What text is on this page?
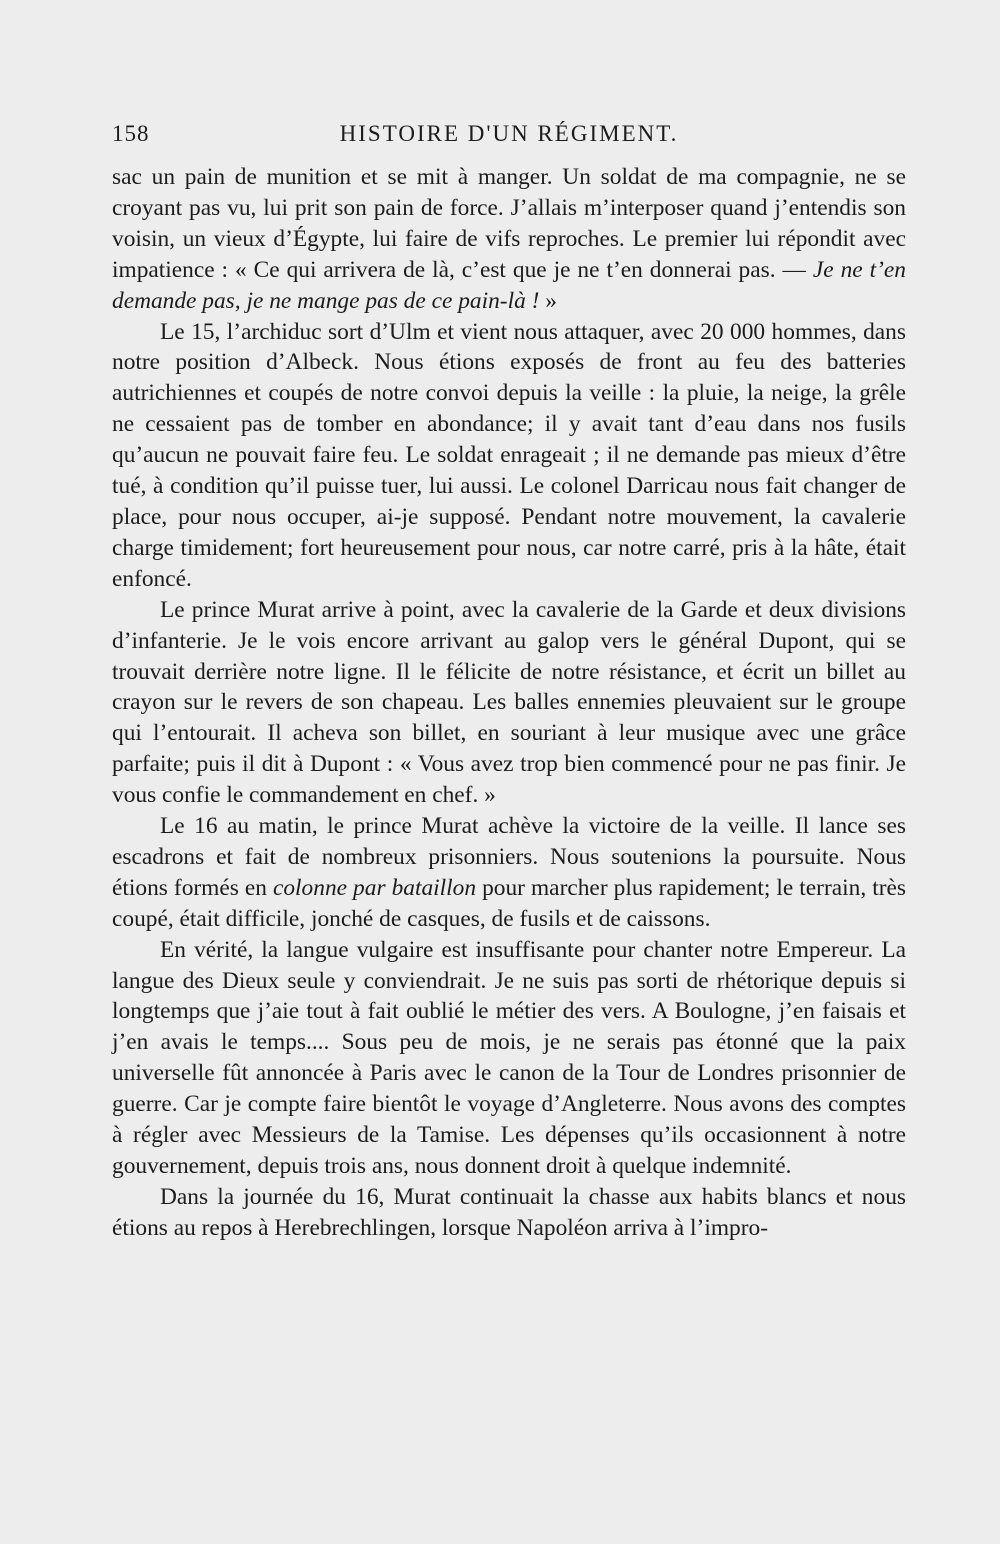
158	HISTOIRE D'UN RÉGIMENT.

sac un pain de munition et se mit à manger. Un soldat de ma compagnie, ne se croyant pas vu, lui prit son pain de force. J’allais m’interposer quand j’entendis son voisin, un vieux d’Égypte, lui faire de vifs reproches. Le premier lui répondit avec impatience : « Ce qui arrivera de là, c’est que je ne t’en donnerai pas. — Je ne t’en demande pas, je ne mange pas de ce pain-là ! »

Le 15, l’archiduc sort d’Ulm et vient nous attaquer, avec 20 000 hommes, dans notre position d’Albeck. Nous étions exposés de front au feu des batteries autrichiennes et coupés de notre convoi depuis la veille : la pluie, la neige, la grêle ne cessaient pas de tomber en abondance; il y avait tant d’eau dans nos fusils qu’aucun ne pouvait faire feu. Le soldat enrageait ; il ne demande pas mieux d’être tué, à condition qu’il puisse tuer, lui aussi. Le colonel Darricau nous fait changer de place, pour nous occuper, ai-je supposé. Pendant notre mouvement, la cavalerie charge timidement; fort heureusement pour nous, car notre carré, pris à la hâte, était enfoncé.

Le prince Murat arrive à point, avec la cavalerie de la Garde et deux divisions d’infanterie. Je le vois encore arrivant au galop vers le général Dupont, qui se trouvait derrière notre ligne. Il le félicite de notre résistance, et écrit un billet au crayon sur le revers de son chapeau. Les balles ennemies pleuvaient sur le groupe qui l’entourait. Il acheva son billet, en souriant à leur musique avec une grâce parfaite; puis il dit à Dupont : « Vous avez trop bien commencé pour ne pas finir. Je vous confie le commandement en chef. »

Le 16 au matin, le prince Murat achève la victoire de la veille. Il lance ses escadrons et fait de nombreux prisonniers. Nous soutenions la poursuite. Nous étions formés en colonne par bataillon pour marcher plus rapidement; le terrain, très coupé, était difficile, jonché de casques, de fusils et de caissons.

En vérité, la langue vulgaire est insuffisante pour chanter notre Empereur. La langue des Dieux seule y conviendrait. Je ne suis pas sorti de rhétorique depuis si longtemps que j’aie tout à fait oublié le métier des vers. A Boulogne, j’en faisais et j’en avais le temps.... Sous peu de mois, je ne serais pas étonné que la paix universelle fût annoncée à Paris avec le canon de la Tour de Londres prisonnier de guerre. Car je compte faire bientôt le voyage d’Angleterre. Nous avons des comptes à régler avec Messieurs de la Tamise. Les dépenses qu’ils occasionnent à notre gouvernement, depuis trois ans, nous donnent droit à quelque indemnité.

Dans la journée du 16, Murat continuait la chasse aux habits blancs et nous étions au repos à Herebrechlingen, lorsque Napoléon arriva à l’impro-
